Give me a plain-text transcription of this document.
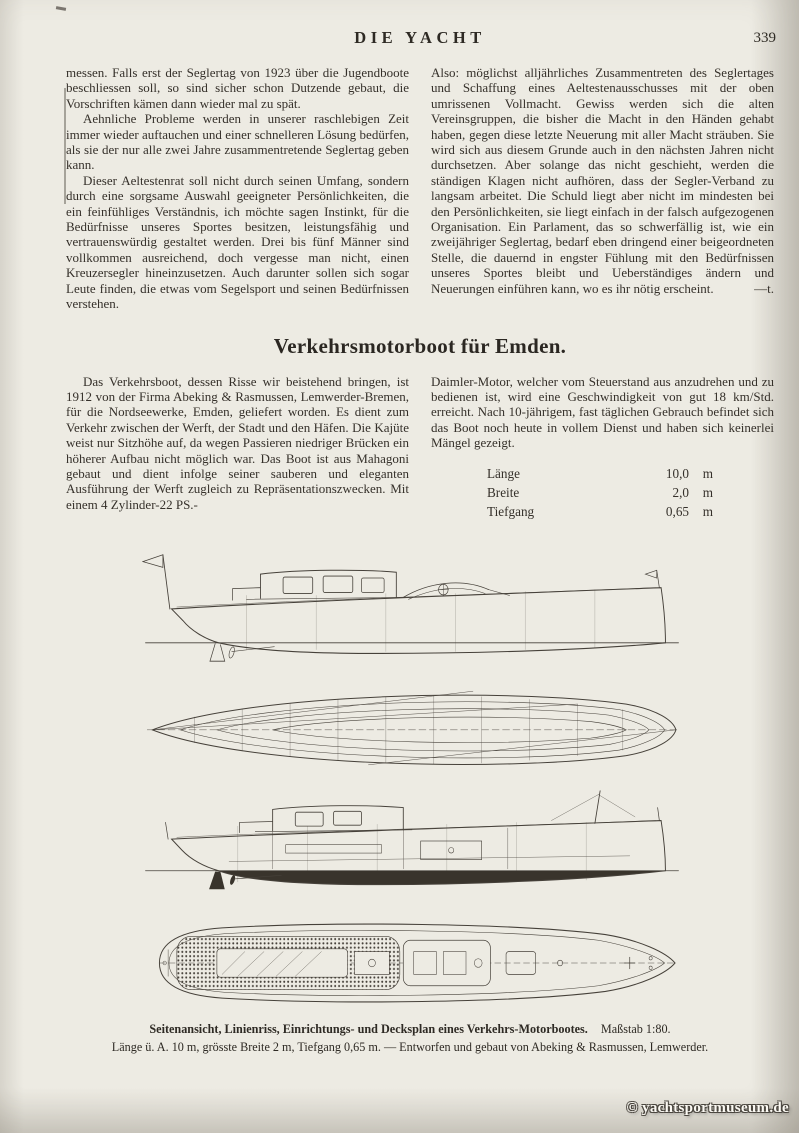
DIE YACHT	339

messen. Falls erst der Seglertag von 1923 über die Jugendboote beschliessen soll, so sind sicher schon Dutzende gebaut, die Vorschriften kämen dann wieder mal zu spät.

Aehnliche Probleme werden in unserer raschlebigen Zeit immer wieder auftauchen und einer schnelleren Lösung bedürfen, als sie der nur alle zwei Jahre zusammentretende Seglertag geben kann.

Dieser Aeltestenrat soll nicht durch seinen Umfang, sondern durch eine sorgsame Auswahl geeigneter Persönlichkeiten, die ein feinfühliges Verständnis, ich möchte sagen Instinkt, für die Bedürfnisse unseres Sportes besitzen, leistungsfähig und vertrauenswürdig gestaltet werden. Drei bis fünf Männer sind vollkommen ausreichend, doch vergesse man nicht, einen Kreuzersegler hineinzusetzen. Auch darunter sollen sich sogar Leute finden, die etwas vom Segelsport und seinen Bedürfnissen verstehen.

Also: möglichst alljährliches Zusammentreten des Seglertages und Schaffung eines Aeltestenausschusses mit der oben umrissenen Vollmacht. Gewiss werden sich die alten Vereinsgruppen, die bisher die Macht in den Händen gehabt haben, gegen diese letzte Neuerung mit aller Macht sträuben. Sie wird sich aus diesem Grunde auch in den nächsten Jahren nicht durchsetzen. Aber solange das nicht geschieht, werden die ständigen Klagen nicht aufhören, dass der Segler-Verband zu langsam arbeitet. Die Schuld liegt aber nicht im mindesten bei den Persönlichkeiten, sie liegt einfach in der falsch aufgezogenen Organisation. Ein Parlament, das so schwerfällig ist, wie ein zweijähriger Seglertag, bedarf eben dringend einer beigeordneten Stelle, die dauernd in engster Fühlung mit den Bedürfnissen unseres Sportes bleibt und Ueberständiges ändern und Neuerungen einführen kann, wo es ihr nötig erscheint.	—t.

Verkehrsmotorboot für Emden.

Das Verkehrsboot, dessen Risse wir beistehend bringen, ist 1912 von der Firma Abeking & Rasmussen, Lemwerder-Bremen, für die Nordseewerke, Emden, geliefert worden. Es dient zum Verkehr zwischen der Werft, der Stadt und den Häfen. Die Kajüte weist nur Sitzhöhe auf, da wegen Passieren niedriger Brücken ein höherer Aufbau nicht möglich war. Das Boot ist aus Mahagoni gebaut und dient infolge seiner sauberen und eleganten Ausführung der Werft zugleich zu Repräsentationszwecken. Mit einem 4 Zylinder-22 PS.-

Daimler-Motor, welcher vom Steuerstand aus anzudrehen und zu bedienen ist, wird eine Geschwindigkeit von gut 18 km/Std. erreicht. Nach 10-jährigem, fast täglichen Gebrauch befindet sich das Boot noch heute in vollem Dienst und haben sich keinerlei Mängel gezeigt.

Länge	10,0	m
Breite	2,0	m
Tiefgang	0,65	m
Seitenansicht, Linienriss, Einrichtungs- und Decksplan eines Verkehrs-Motorbootes. Maßstab 1:80.
Länge ü. A. 10 m, grösste Breite 2 m, Tiefgang 0,65 m. — Entworfen und gebaut von Abeking & Rasmussen, Lemwerder.
© yachtsportmuseum.de
